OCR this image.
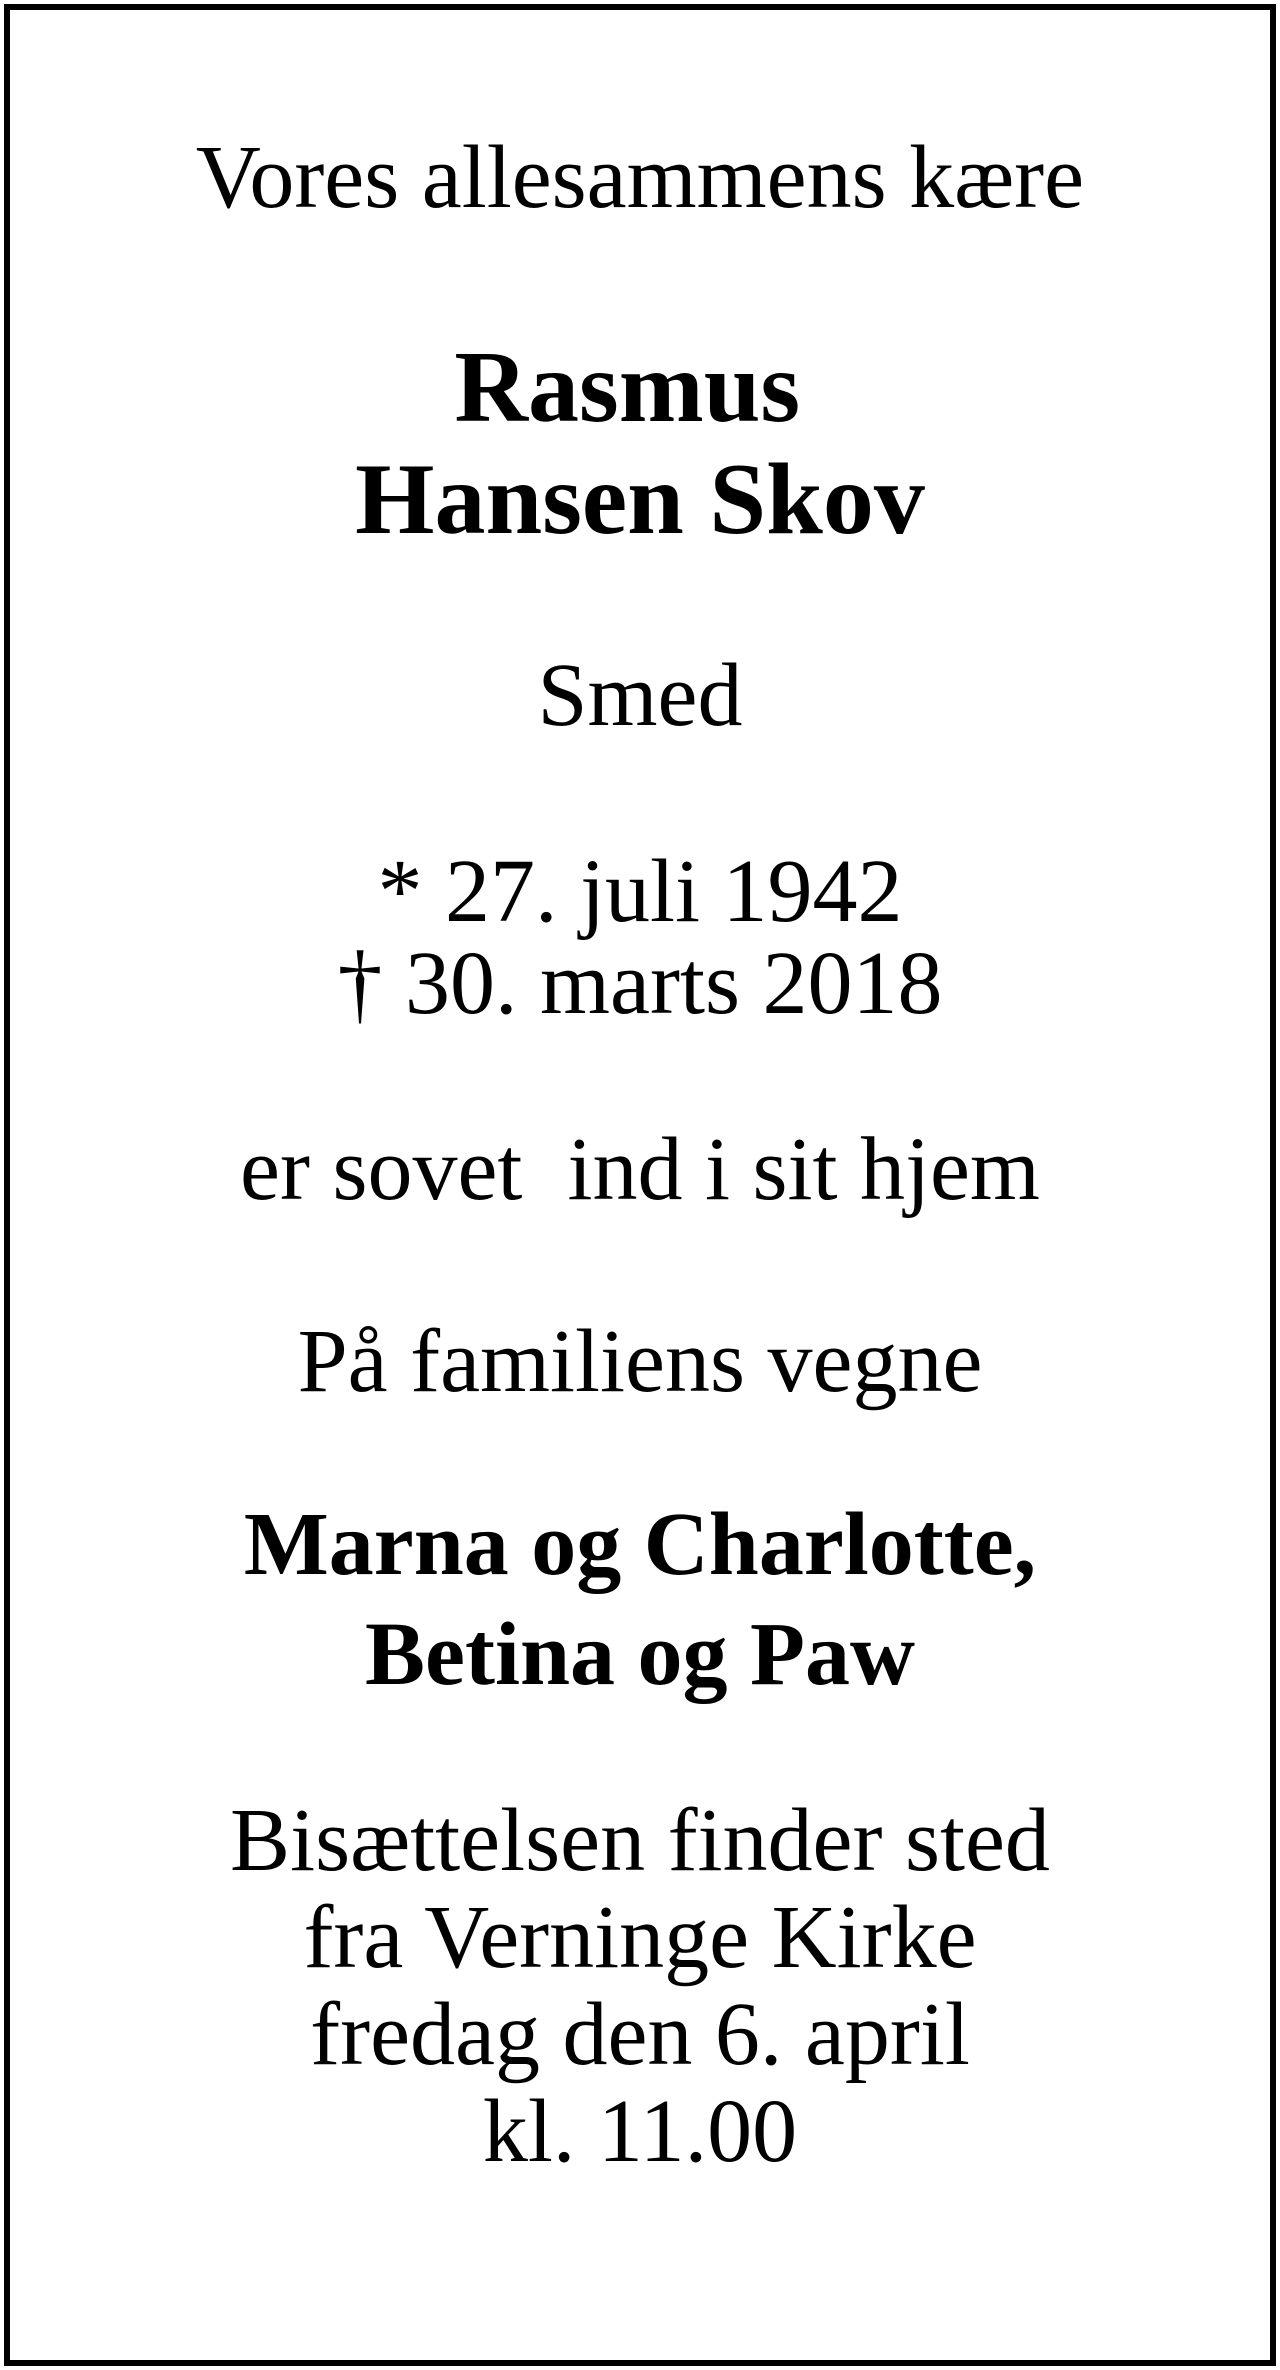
Vores allesammens kære
Rasmus
Hansen Skov
Smed
* 27. juli 1942
† 30. marts 2018
er sovet  ind i sit hjem
På familiens vegne
Marna og Charlotte,
Betina og Paw
Bisættelsen finder sted
fra Verninge Kirke
fredag den 6. april
kl. 11.00
